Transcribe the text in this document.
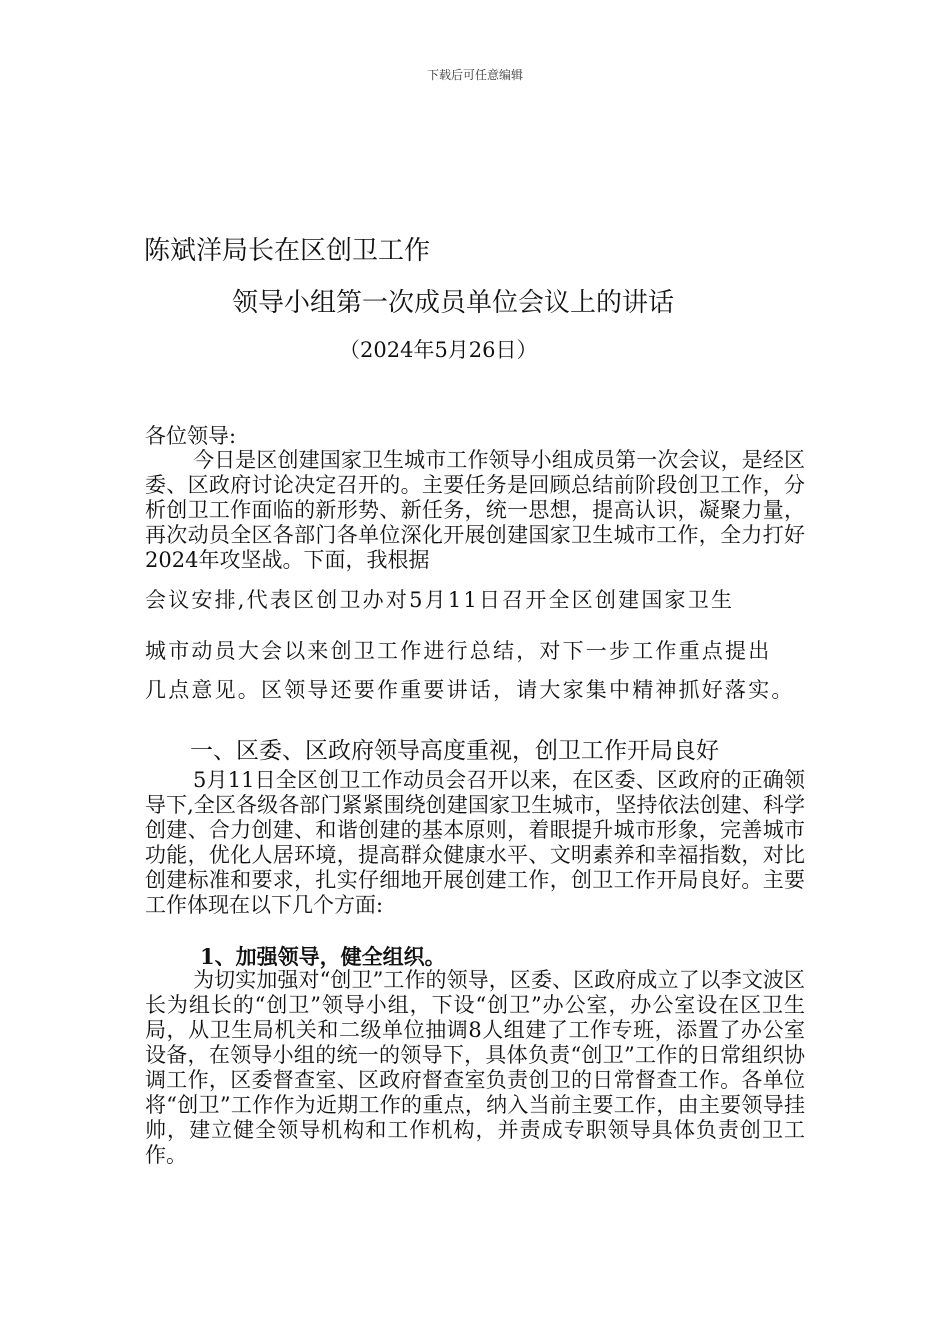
下载后可任意编辑
陈斌洋局长在区创卫工作
领导小组第一次成员单位会议上的讲话
（2024年5月26日）
各位领导:
今日是区创建国家卫生城市工作领导小组成员第一次会议，是经区委、区政府讨论决定召开的。主要任务是回顾总结前阶段创卫工作，分析创卫工作面临的新形势、新任务，统一思想，提高认识，凝聚力量，再次动员全区各部门各单位深化开展创建国家卫生城市工作，全力打好2024年攻坚战。下面，我根据
会议安排,代表区创卫办对5月11日召开全区创建国家卫生
城市动员大会以来创卫工作进行总结，对下一步工作重点提出
几点意见。区领导还要作重要讲话，请大家集中精神抓好落实。
一、区委、区政府领导高度重视，创卫工作开局良好
5月11日全区创卫工作动员会召开以来，在区委、区政府的正确领导下,全区各级各部门紧紧围绕创建国家卫生城市，坚持依法创建、科学创建、合力创建、和谐创建的基本原则，着眼提升城市形象，完善城市功能，优化人居环境，提高群众健康水平、文明素养和幸福指数，对比创建标准和要求，扎实仔细地开展创建工作，创卫工作开局良好。主要工作体现在以下几个方面:
1、加强领导，健全组织。
为切实加强对“创卫”工作的领导，区委、区政府成立了以李文波区长为组长的“创卫”领导小组，下设“创卫”办公室，办公室设在区卫生局，从卫生局机关和二级单位抽调8人组建了工作专班，添置了办公室设备，在领导小组的统一的领导下，具体负责“创卫”工作的日常组织协调工作，区委督查室、区政府督查室负责创卫的日常督查工作。各单位将“创卫”工作作为近期工作的重点，纳入当前主要工作，由主要领导挂帅，建立健全领导机构和工作机构，并责成专职领导具体负责创卫工作。
